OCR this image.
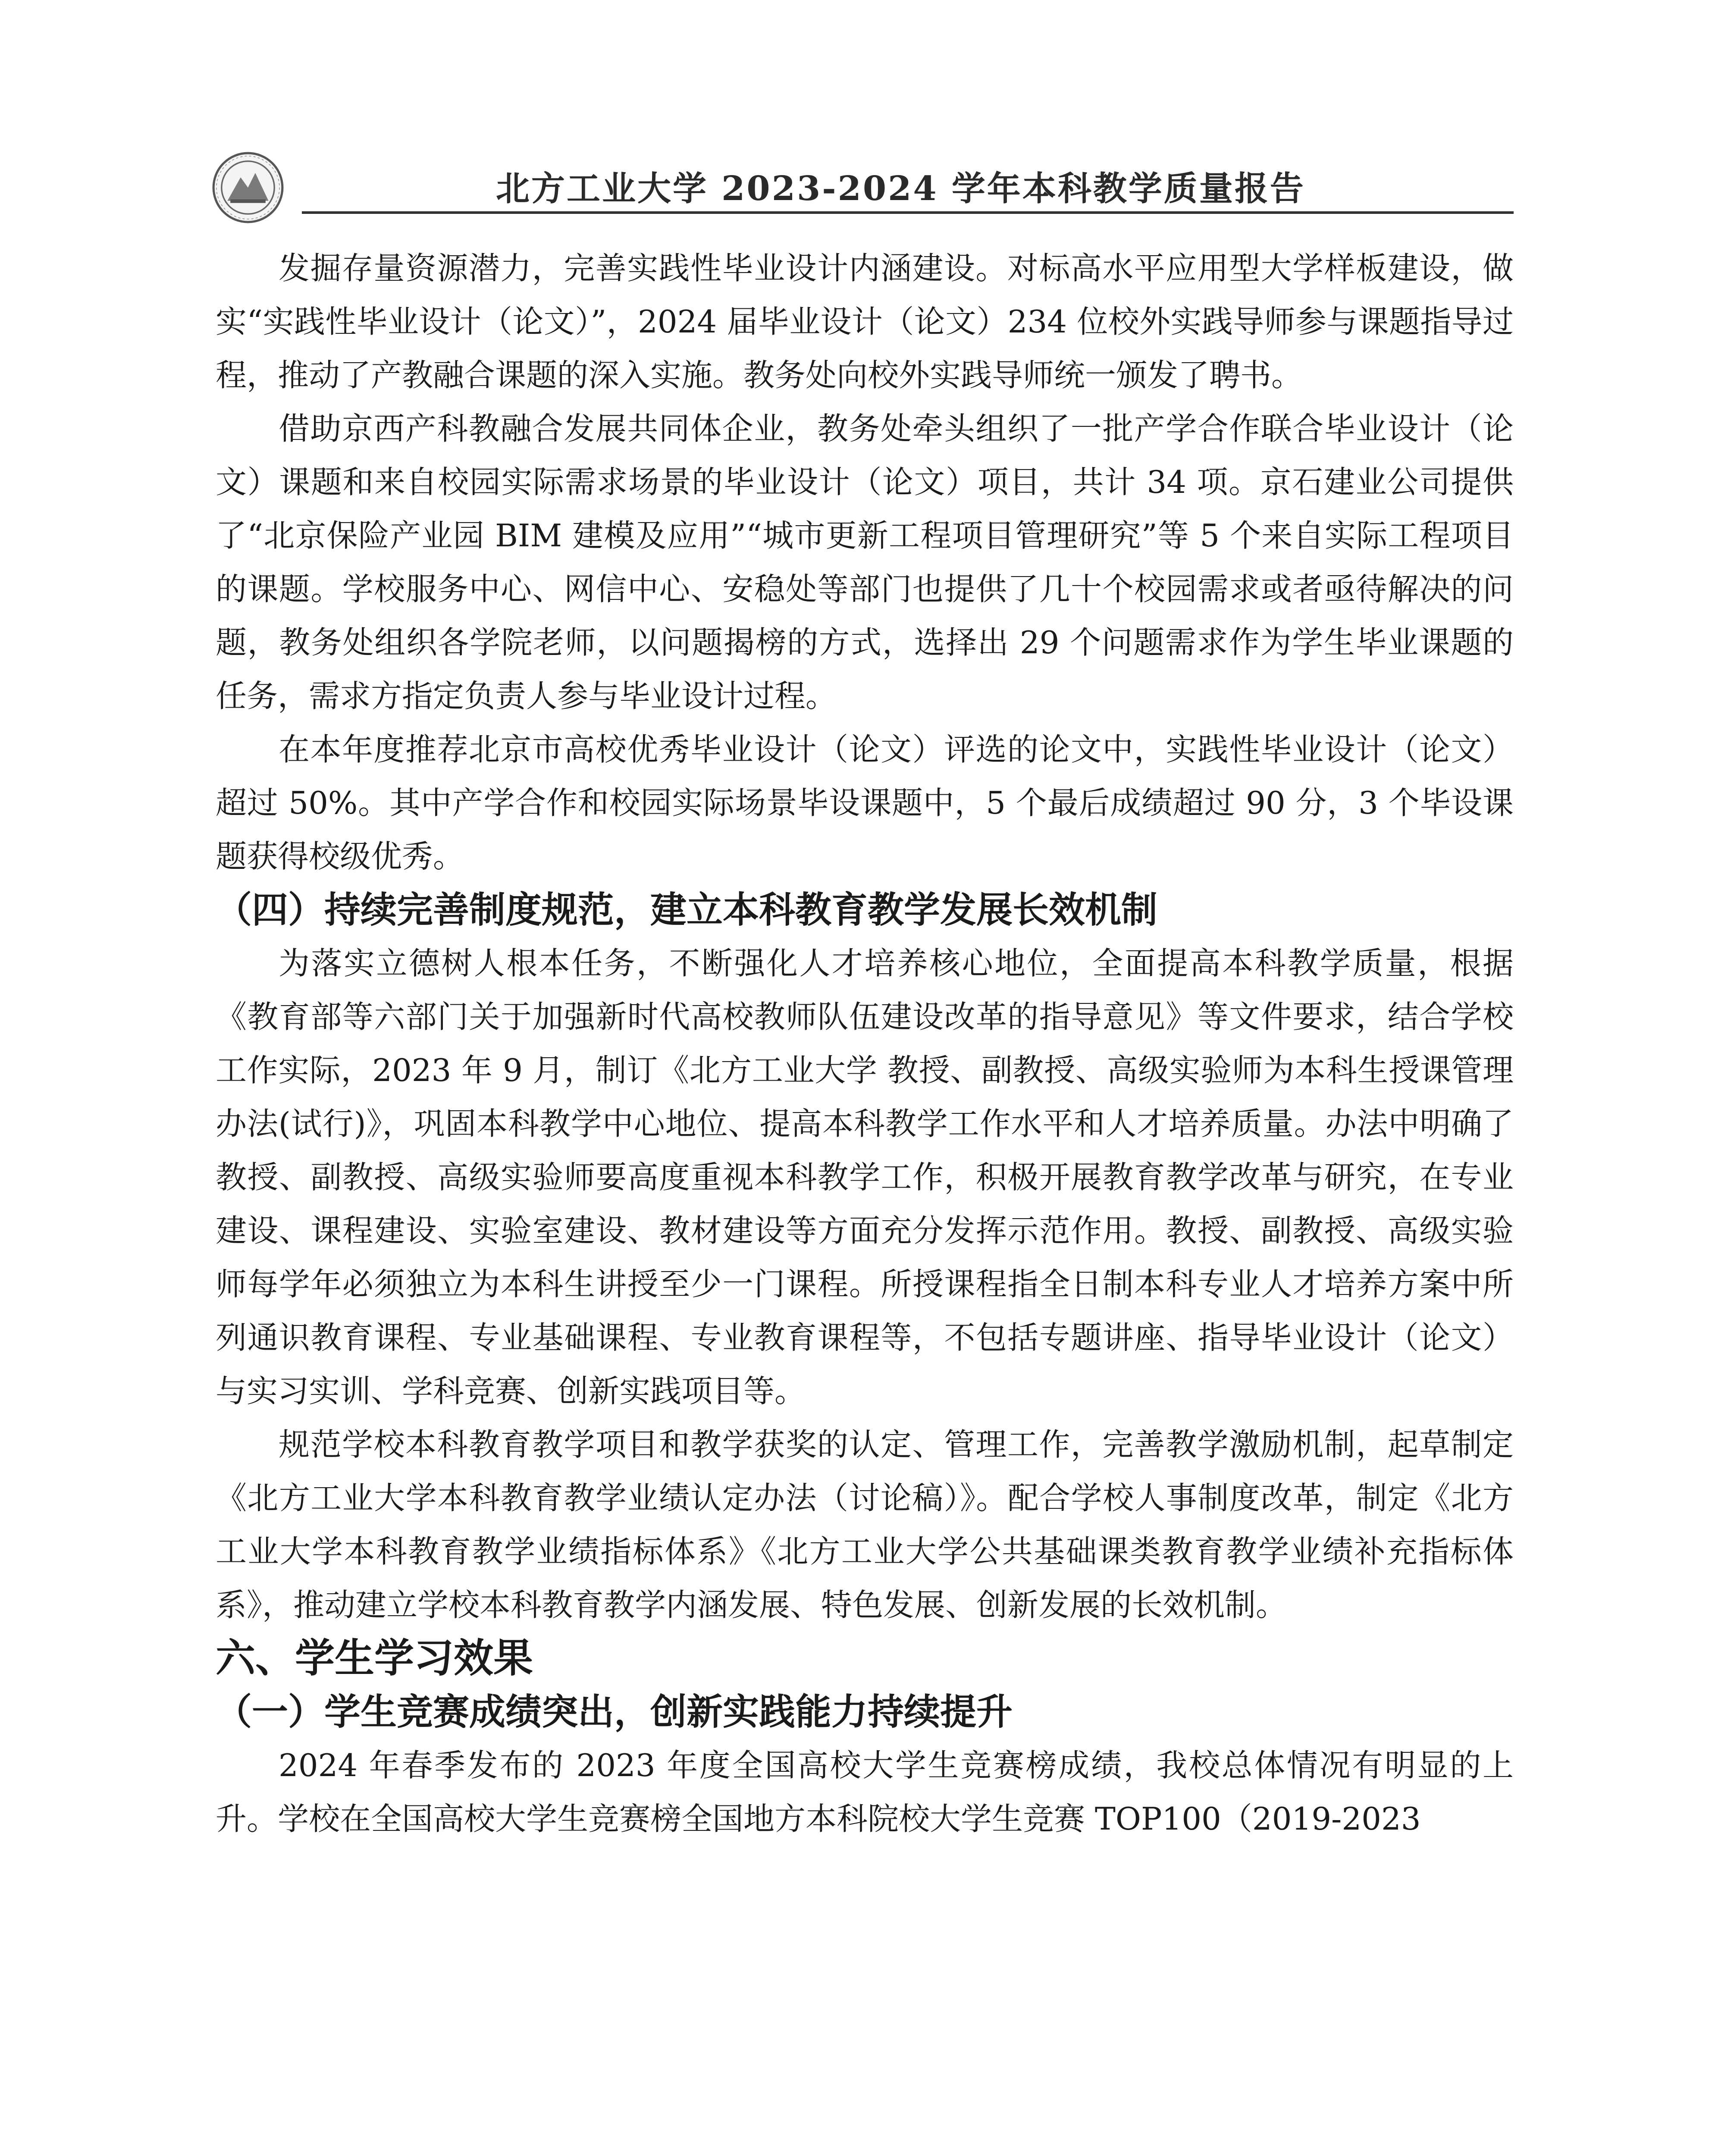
北方工业大学 2023-2024 学年本科教学质量报告

发掘存量资源潜力，完善实践性毕业设计内涵建设。对标高水平应用型大学样板建设，做实“实践性毕业设计（论文）”，2024 届毕业设计（论文）234 位校外实践导师参与课题指导过程，推动了产教融合课题的深入实施。教务处向校外实践导师统一颁发了聘书。

借助京西产科教融合发展共同体企业，教务处牵头组织了一批产学合作联合毕业设计（论文）课题和来自校园实际需求场景的毕业设计（论文）项目，共计 34 项。京石建业公司提供了“北京保险产业园 BIM 建模及应用”“城市更新工程项目管理研究”等 5 个来自实际工程项目的课题。学校服务中心、网信中心、安稳处等部门也提供了几十个校园需求或者亟待解决的问题，教务处组织各学院老师，以问题揭榜的方式，选择出 29 个问题需求作为学生毕业课题的任务，需求方指定负责人参与毕业设计过程。

在本年度推荐北京市高校优秀毕业设计（论文）评选的论文中，实践性毕业设计（论文）超过 50%。其中产学合作和校园实际场景毕设课题中，5 个最后成绩超过 90 分，3 个毕设课题获得校级优秀。

（四）持续完善制度规范，建立本科教育教学发展长效机制

为落实立德树人根本任务，不断强化人才培养核心地位，全面提高本科教学质量，根据《教育部等六部门关于加强新时代高校教师队伍建设改革的指导意见》等文件要求，结合学校工作实际，2023 年 9 月，制订《北方工业大学 教授、副教授、高级实验师为本科生授课管理办法(试行)》，巩固本科教学中心地位、提高本科教学工作水平和人才培养质量。办法中明确了教授、副教授、高级实验师要高度重视本科教学工作，积极开展教育教学改革与研究，在专业建设、课程建设、实验室建设、教材建设等方面充分发挥示范作用。教授、副教授、高级实验师每学年必须独立为本科生讲授至少一门课程。所授课程指全日制本科专业人才培养方案中所列通识教育课程、专业基础课程、专业教育课程等，不包括专题讲座、指导毕业设计（论文）与实习实训、学科竞赛、创新实践项目等。

规范学校本科教育教学项目和教学获奖的认定、管理工作，完善教学激励机制，起草制定《北方工业大学本科教育教学业绩认定办法（讨论稿）》。配合学校人事制度改革，制定《北方工业大学本科教育教学业绩指标体系》《北方工业大学公共基础课类教育教学业绩补充指标体系》，推动建立学校本科教育教学内涵发展、特色发展、创新发展的长效机制。

六、学生学习效果
（一）学生竞赛成绩突出，创新实践能力持续提升

2024 年春季发布的 2023 年度全国高校大学生竞赛榜成绩，我校总体情况有明显的上升。学校在全国高校大学生竞赛榜全国地方本科院校大学生竞赛 TOP100（2019-2023
